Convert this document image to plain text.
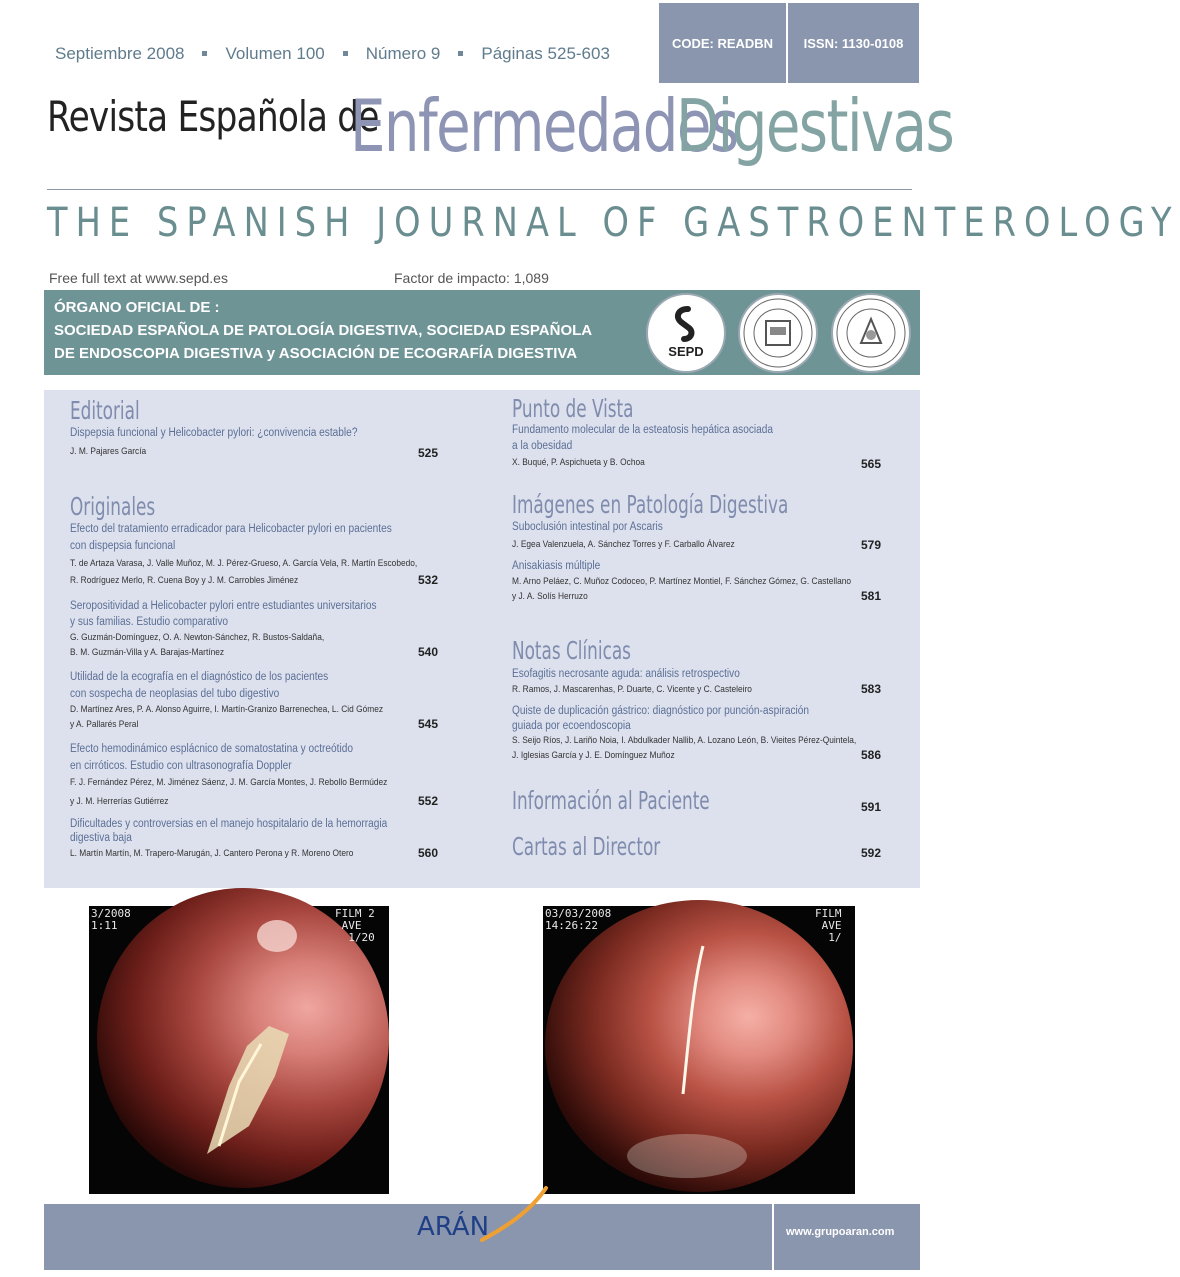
Septiembre 2008 Volumen 100 Número 9 Páginas 525-603
CODE: READBN	ISSN: 1130-0108
Revista Española de
Enfermedades
Digestivas
THE SPANISH JOURNAL OF GASTROENTEROLOGY
Free full text at www.sepd.es	Factor de impacto: 1,089
ÓRGANO OFICIAL DE :
SOCIEDAD ESPAÑOLA DE PATOLOGÍA DIGESTIVA, SOCIEDAD ESPAÑOLA
DE ENDOSCOPIA DIGESTIVA y ASOCIACIÓN DE ECOGRAFÍA DIGESTIVA	SEPD
Editorial
Dispepsia funcional y Helicobacter pylori: ¿convivencia estable?
J. M. Pajares García	525
Originales
Efecto del tratamiento erradicador para Helicobacter pylori en pacientes
con dispepsia funcional
T. de Artaza Varasa, J. Valle Muñoz, M. J. Pérez-Grueso, A. García Vela, R. Martín Escobedo,
R. Rodríguez Merlo, R. Cuena Boy y J. M. Carrobles Jiménez	532
Seropositividad a Helicobacter pylori entre estudiantes universitarios
y sus familias. Estudio comparativo
G. Guzmán-Domínguez, O. A. Newton-Sánchez, R. Bustos-Saldaña,
B. M. Guzmán-Villa y A. Barajas-Martínez	540
Utilidad de la ecografía en el diagnóstico de los pacientes
con sospecha de neoplasias del tubo digestivo
D. Martínez Ares, P. A. Alonso Aguirre, I. Martín-Granizo Barrenechea, L. Cid Gómez
y A. Pallarés Peral	545
Efecto hemodinámico esplácnico de somatostatina y octreótido
en cirróticos. Estudio con ultrasonografía Doppler
F. J. Fernández Pérez, M. Jiménez Sáenz, J. M. García Montes, J. Rebollo Bermúdez
y J. M. Herrerías Gutiérrez	552
Dificultades y controversias en el manejo hospitalario de la hemorragia
digestiva baja
L. Martín Martín, M. Trapero-Marugán, J. Cantero Perona y R. Moreno Otero	560
Punto de Vista
Fundamento molecular de la esteatosis hepática asociada
a la obesidad
X. Buqué, P. Aspichueta y B. Ochoa	565
Imágenes en Patología Digestiva
Suboclusión intestinal por Ascaris
J. Egea Valenzuela, A. Sánchez Torres y F. Carballo Álvarez	579
Anisakiasis múltiple
M. Arno Peláez, C. Muñoz Codoceo, P. Martínez Montiel, F. Sánchez Gómez, G. Castellano
y J. A. Solís Herruzo	581
Notas Clínicas
Esofagitis necrosante aguda: análisis retrospectivo
R. Ramos, J. Mascarenhas, P. Duarte, C. Vicente y C. Casteleiro	583
Quiste de duplicación gástrico: diagnóstico por punción-aspiración
guiada por ecoendoscopia
S. Seijo Ríos, J. Lariño Noia, I. Abdulkader Nallib, A. Lozano León, B. Vieites Pérez-Quintela,
J. Iglesias García y J. E. Domínguez Muñoz	586
Información al Paciente	591
Cartas al Director	592
3/2008
1:11
FILM 2
AVE
1/20
03/03/2008
14:26:22
FILM
AVE
1/
ARÁN	www.grupoaran.com
